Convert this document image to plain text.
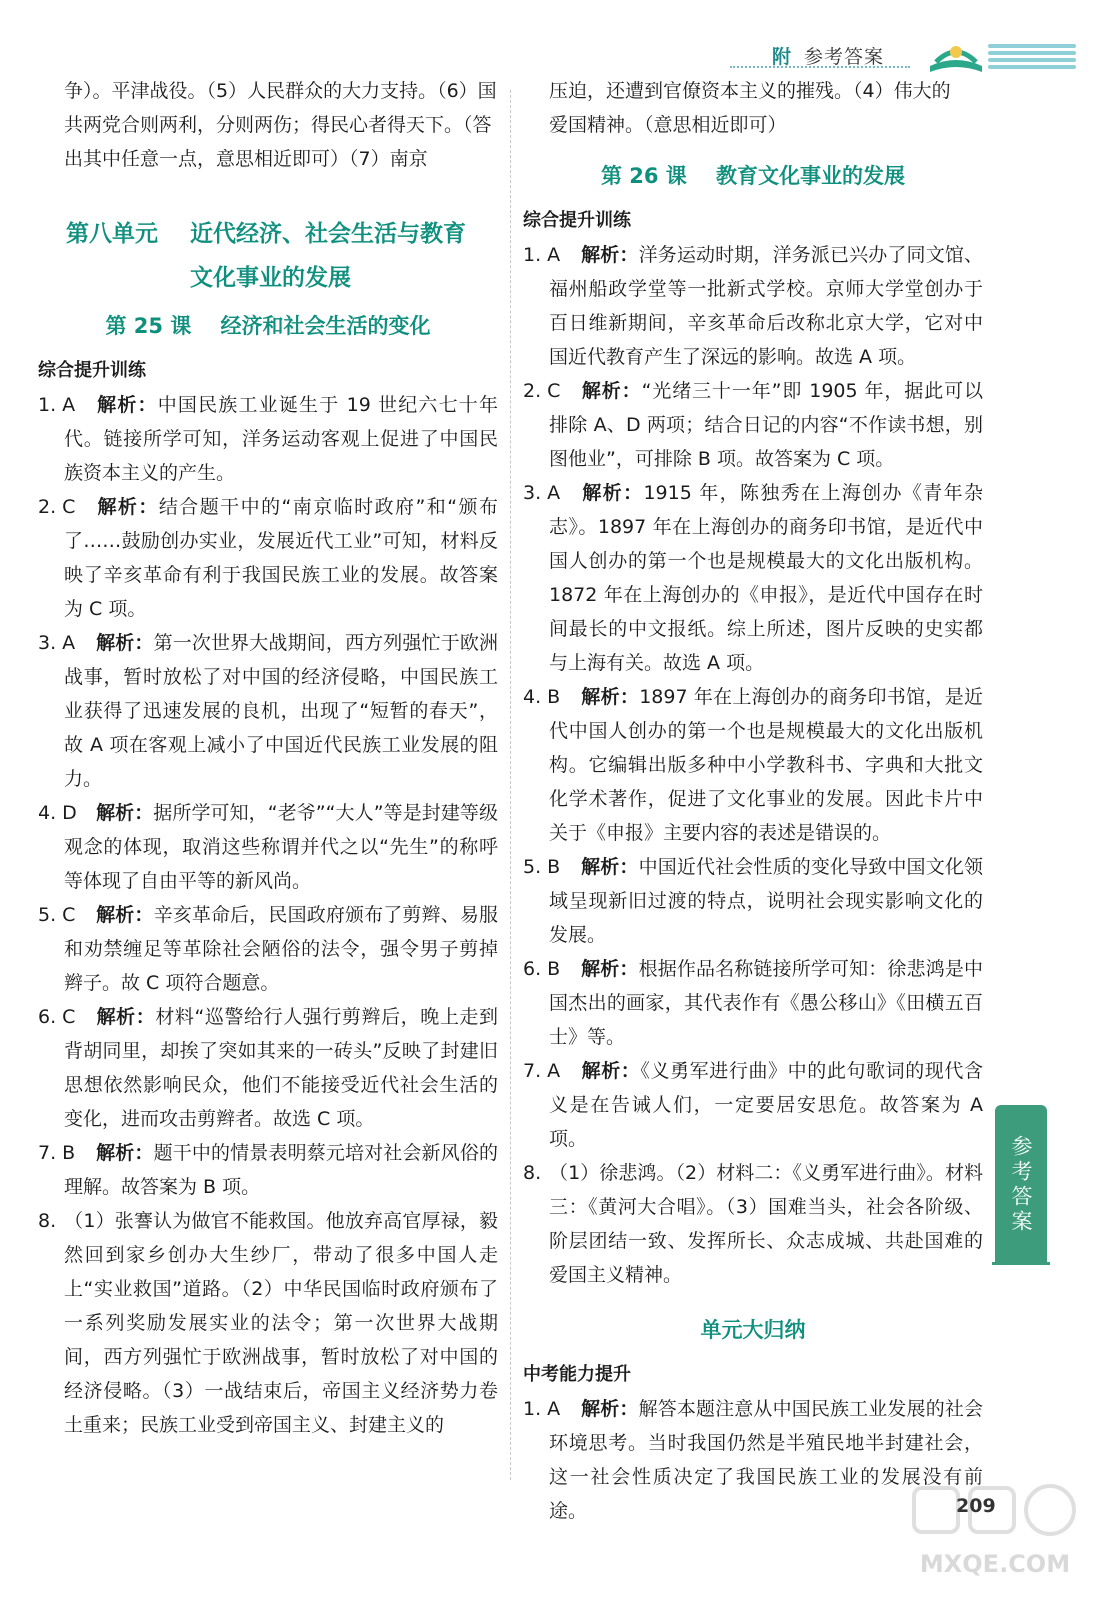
附 参考答案

争）。平津战役。（5）人民群众的大力支持。（6）国

共两党合则两利，分则两伤；得民心者得天下。（答

出其中任意一点，意思相近即可）（7）南京

第八单元    近代经济、社会生活与教育
文化事业的发展
第 25 课    经济和社会生活的变化
综合提升训练

1. A 解析：中国民族工业诞生于 19 世纪六七十年代。链接所学可知，洋务运动客观上促进了中国民族资本主义的产生。

2. C 解析：结合题干中的“南京临时政府”和“颁布了……鼓励创办实业，发展近代工业”可知，材料反映了辛亥革命有利于我国民族工业的发展。故答案为 C 项。

3. A 解析：第一次世界大战期间，西方列强忙于欧洲战事，暂时放松了对中国的经济侵略，中国民族工业获得了迅速发展的良机，出现了“短暂的春天”，故 A 项在客观上减小了中国近代民族工业发展的阻力。

4. D 解析：据所学可知，“老爷”“大人”等是封建等级观念的体现，取消这些称谓并代之以“先生”的称呼等体现了自由平等的新风尚。

5. C 解析：辛亥革命后，民国政府颁布了剪辫、易服和劝禁缠足等革除社会陋俗的法令，强令男子剪掉辫子。故 C 项符合题意。

6. C 解析：材料“巡警给行人强行剪辫后，晚上走到背胡同里，却挨了突如其来的一砖头”反映了封建旧思想依然影响民众，他们不能接受近代社会生活的变化，进而攻击剪辫者。故选 C 项。

7. B 解析：题干中的情景表明蔡元培对社会新风俗的理解。故答案为 B 项。

8. （1）张謇认为做官不能救国。他放弃高官厚禄，毅然回到家乡创办大生纱厂，带动了很多中国人走上“实业救国”道路。（2）中华民国临时政府颁布了一系列奖励发展实业的法令；第一次世界大战期间，西方列强忙于欧洲战事，暂时放松了对中国的经济侵略。（3）一战结束后，帝国主义经济势力卷土重来；民族工业受到帝国主义、封建主义的

压迫，还遭到官僚资本主义的摧残。（4）伟大的

爱国精神。（意思相近即可）

第 26 课    教育文化事业的发展
综合提升训练

1. A 解析：洋务运动时期，洋务派已兴办了同文馆、福州船政学堂等一批新式学校。京师大学堂创办于百日维新期间，辛亥革命后改称北京大学，它对中国近代教育产生了深远的影响。故选 A 项。

2. C 解析：“光绪三十一年”即 1905 年，据此可以排除 A、D 两项；结合日记的内容“不作读书想，别图他业”，可排除 B 项。故答案为 C 项。

3. A 解析：1915 年，陈独秀在上海创办《青年杂志》。1897 年在上海创办的商务印书馆，是近代中国人创办的第一个也是规模最大的文化出版机构。1872 年在上海创办的《申报》，是近代中国存在时间最长的中文报纸。综上所述，图片反映的史实都与上海有关。故选 A 项。

4. B 解析：1897 年在上海创办的商务印书馆，是近代中国人创办的第一个也是规模最大的文化出版机构。它编辑出版多种中小学教科书、字典和大批文化学术著作，促进了文化事业的发展。因此卡片中关于《申报》主要内容的表述是错误的。

5. B 解析：中国近代社会性质的变化导致中国文化领域呈现新旧过渡的特点，说明社会现实影响文化的发展。

6. B 解析：根据作品名称链接所学可知：徐悲鸿是中国杰出的画家，其代表作有《愚公移山》《田横五百士》等。

7. A 解析：《义勇军进行曲》中的此句歌词的现代含义是在告诫人们，一定要居安思危。故答案为 A 项。

8. （1）徐悲鸿。（2）材料二：《义勇军进行曲》。材料三：《黄河大合唱》。（3）国难当头，社会各阶级、阶层团结一致、发挥所长、众志成城、共赴国难的爱国主义精神。

单元大归纳
中考能力提升

1. A 解析：解答本题注意从中国民族工业发展的社会环境思考。当时我国仍然是半殖民地半封建社会，这一社会性质决定了我国民族工业的发展没有前途。

参考答案
209
MXQE.COM
